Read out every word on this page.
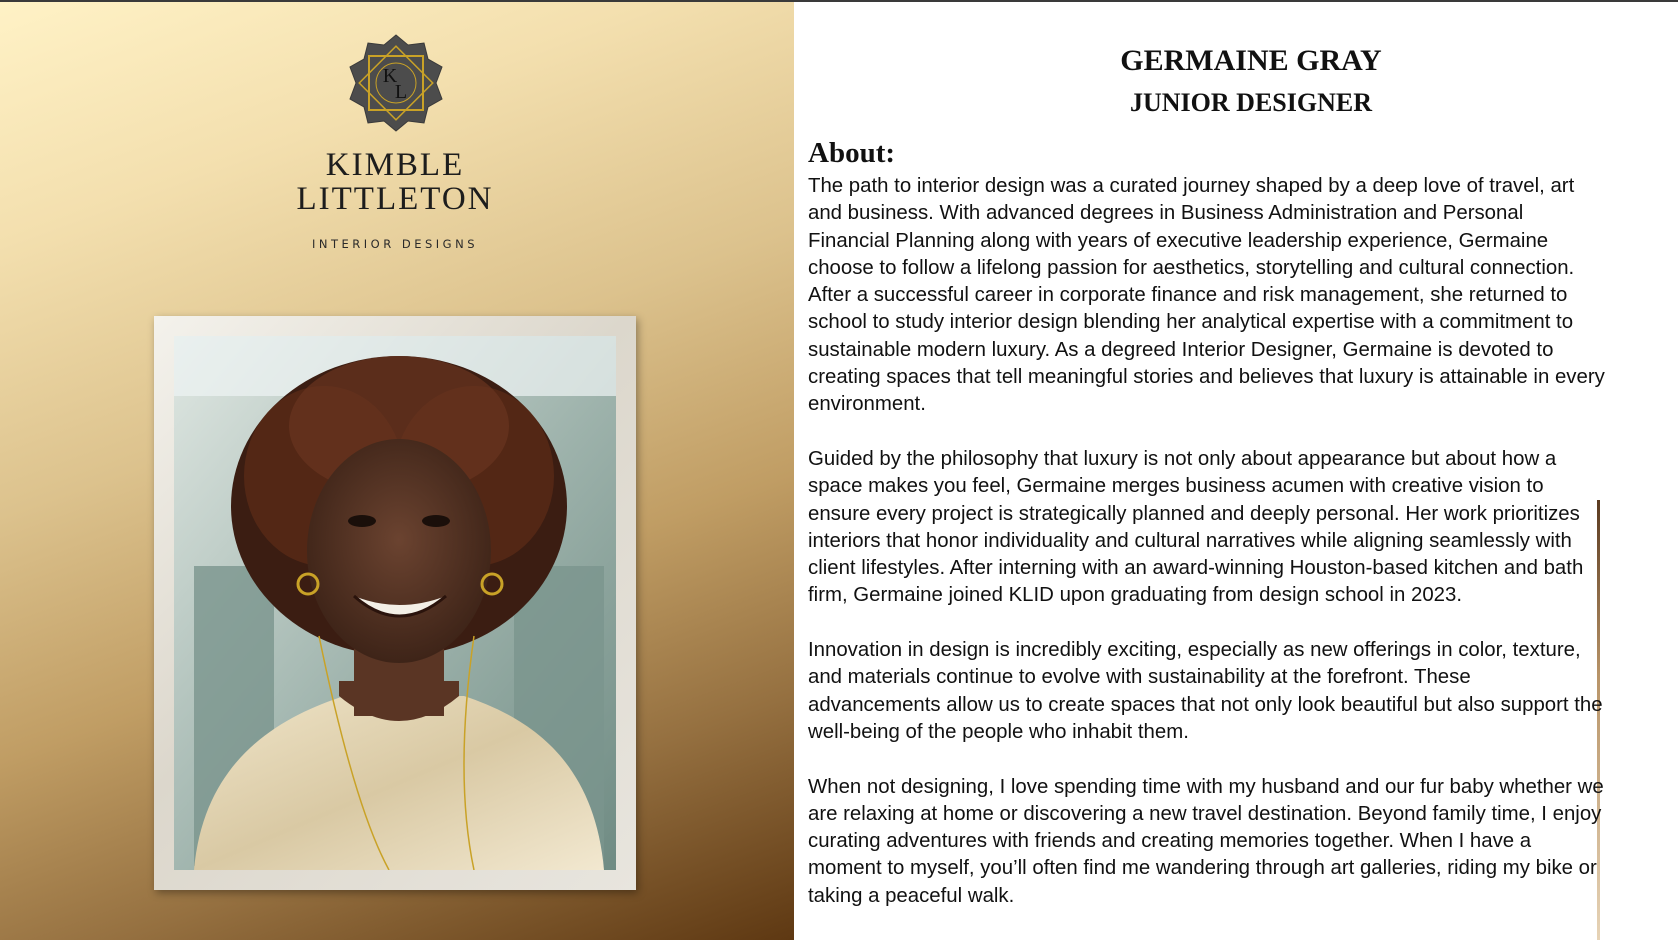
K
L
KIMBLE
LITTLETON
INTERIOR DESIGNS
GERMAINE GRAY
JUNIOR DESIGNER
About:

The path to interior design was a curated journey shaped by a deep love of travel, art and business. With advanced degrees in Business Administration and Personal Financial Planning along with years of executive leadership experience, Germaine choose to follow a lifelong passion for aesthetics, storytelling and cultural connection. After a successful career in corporate finance and risk management, she returned to school to study interior design blending her analytical expertise with a commitment to sustainable modern luxury. As a degreed Interior Designer, Germaine is devoted to creating spaces that tell meaningful stories and believes that luxury is attainable in every environment.

Guided by the philosophy that luxury is not only about appearance but about how a space makes you feel, Germaine merges business acumen with creative vision to ensure every project is strategically planned and deeply personal. Her work prioritizes interiors that honor individuality and cultural narratives while aligning seamlessly with client lifestyles. After interning with an award-winning Houston-based kitchen and bath firm, Germaine joined KLID upon graduating from design school in 2023.

Innovation in design is incredibly exciting, especially as new offerings in color, texture, and materials continue to evolve with sustainability at the forefront. These advancements allow us to create spaces that not only look beautiful but also support the well-being of the people who inhabit them.

When not designing, I love spending time with my husband and our fur baby whether we are relaxing at home or discovering a new travel destination. Beyond family time, I enjoy curating adventures with friends and creating memories together. When I have a moment to myself, you’ll often find me wandering through art galleries, riding my bike or taking a peaceful walk.
